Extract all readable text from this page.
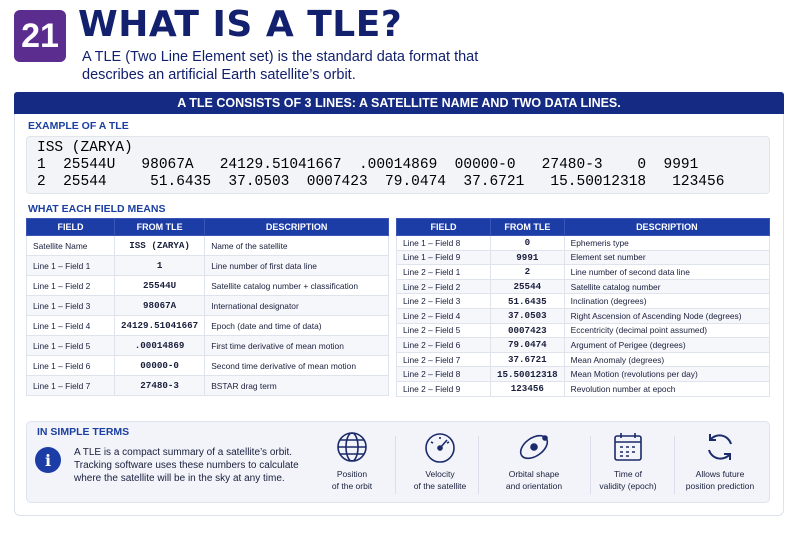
21 WHAT IS A TLE?
A TLE (Two Line Element set) is the standard data format that describes an artificial Earth satellite’s orbit.
A TLE CONSISTS OF 3 LINES: A SATELLITE NAME AND TWO DATA LINES.
EXAMPLE OF A TLE
ISS (ZARYA)
1  25544U   98067A   24129.51041667  .00014869  00000-0   27480-3    0  9991
2  25544     51.6435  37.0503  0007423  79.0474  37.6721   15.50012318   123456
WHAT EACH FIELD MEANS
FIELD	FROM TLE	DESCRIPTION
Satellite Name	ISS (ZARYA)	Name of the satellite
Line 1 – Field 1	1	Line number of first data line
Line 1 – Field 2	25544U	Satellite catalog number + classification
Line 1 – Field 3	98067A	International designator
Line 1 – Field 4	24129.51041667	Epoch (date and time of data)
Line 1 – Field 5	.00014869	First time derivative of mean motion
Line 1 – Field 6	00000-0	Second time derivative of mean motion
Line 1 – Field 7	27480-3	BSTAR drag term
FIELD	FROM TLE	DESCRIPTION
Line 1 – Field 8	0	Ephemeris type
Line 1 – Field 9	9991	Element set number
Line 2 – Field 1	2	Line number of second data line
Line 2 – Field 2	25544	Satellite catalog number
Line 2 – Field 3	51.6435	Inclination (degrees)
Line 2 – Field 4	37.0503	Right Ascension of Ascending Node (degrees)
Line 2 – Field 5	0007423	Eccentricity (decimal point assumed)
Line 2 – Field 6	79.0474	Argument of Perigee (degrees)
Line 2 – Field 7	37.6721	Mean Anomaly (degrees)
Line 2 – Field 8	15.50012318	Mean Motion (revolutions per day)
Line 2 – Field 9	123456	Revolution number at epoch
IN SIMPLE TERMS
i	A TLE is a compact summary of a satellite’s orbit. Tracking software uses these numbers to calculate where the satellite will be in the sky at any time.	Position
of the orbit
Velocity
of the satellite
Orbital shape
and orientation
Time of
validity (epoch)
Allows future
position prediction
